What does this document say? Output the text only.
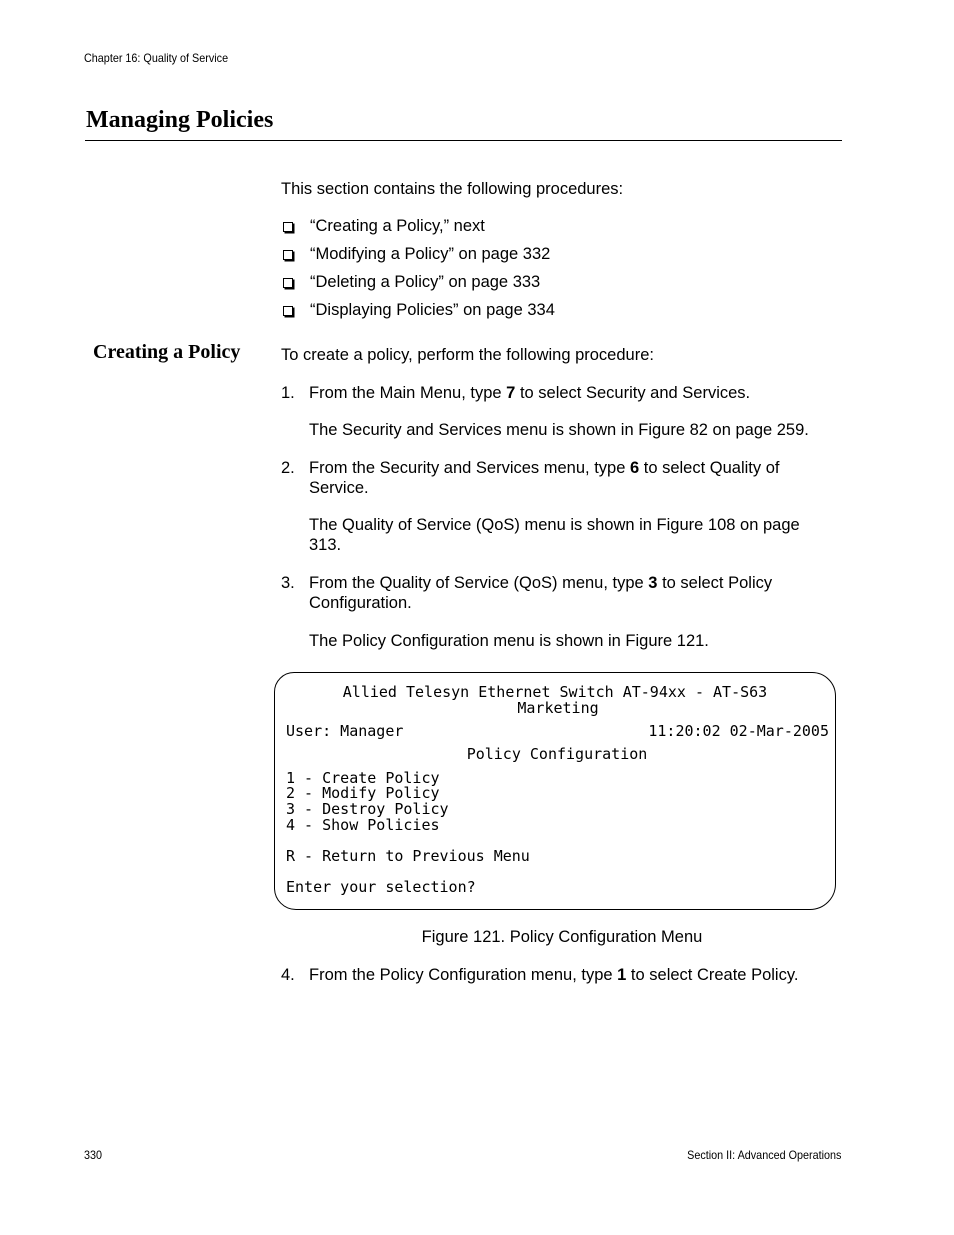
Chapter 16: Quality of Service
Managing Policies
This section contains the following procedures:
“Creating a Policy,” next
“Modifying a Policy” on page 332
“Deleting a Policy” on page 333
“Displaying Policies” on page 334
Creating a Policy To create a policy, perform the following procedure:
1. From the Main Menu, type 7 to select Security and Services.
The Security and Services menu is shown in Figure 82 on page 259.
2. From the Security and Services menu, type 6 to select Quality of Service.
The Quality of Service (QoS) menu is shown in Figure 108 on page 313.
3. From the Quality of Service (QoS) menu, type 3 to select Policy Configuration.
The Policy Configuration menu is shown in Figure 121.
Allied Telesyn Ethernet Switch AT-94xx - AT-S63
Marketing
User: Manager	11:20:02 02-Mar-2005
Policy Configuration
1 - Create Policy
2 - Modify Policy
3 - Destroy Policy
4 - Show Policies
R - Return to Previous Menu
Enter your selection?
Figure 121. Policy Configuration Menu
4. From the Policy Configuration menu, type 1 to select Create Policy.
330	Section II: Advanced Operations
